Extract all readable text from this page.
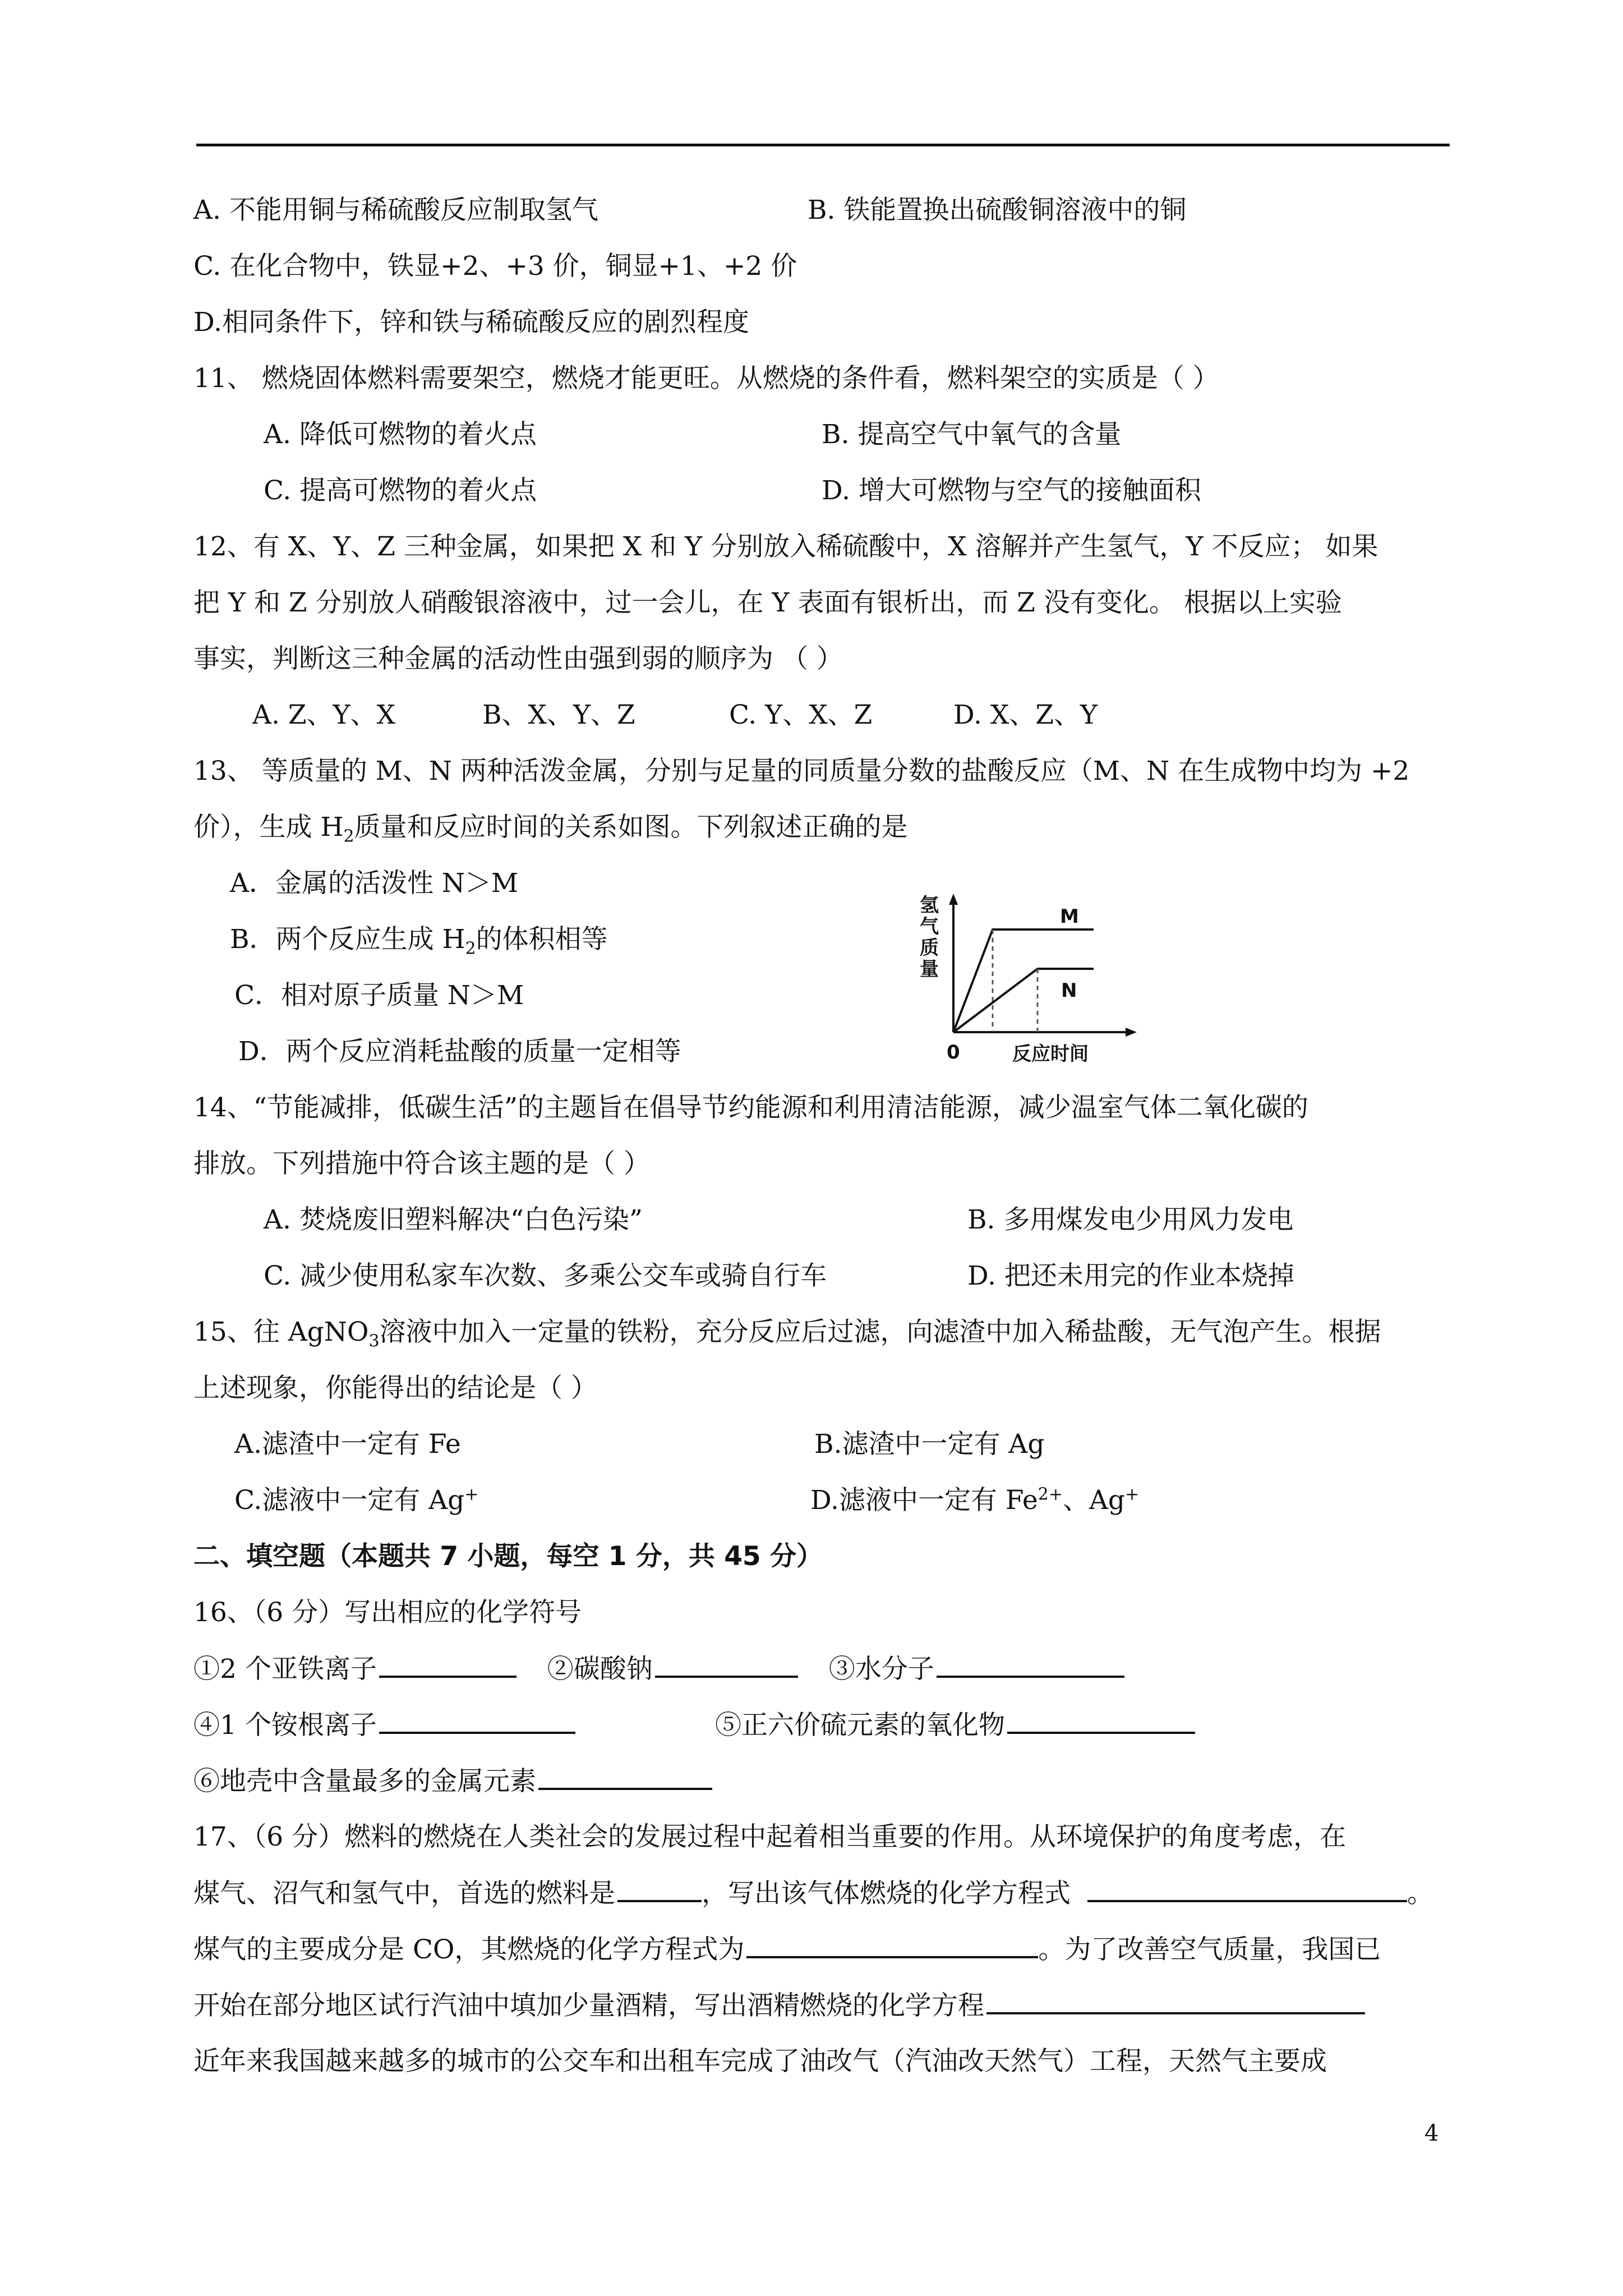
A. 不能用铜与稀硫酸反应制取氢气	B. 铁能置换出硫酸铜溶液中的铜
C. 在化合物中，铁显+2、+3 价，铜显+1、+2 价
D.相同条件下，锌和铁与稀硫酸反应的剧烈程度
11、 燃烧固体燃料需要架空，燃烧才能更旺。从燃烧的条件看，燃料架空的实质是（ ）
A. 降低可燃物的着火点	B. 提高空气中氧气的含量
C. 提高可燃物的着火点	D. 增大可燃物与空气的接触面积
12、有 X、Y、Z 三种金属，如果把 X 和 Y 分别放入稀硫酸中，X 溶解并产生氢气，Y 不反应； 如果
把 Y 和 Z 分别放人硝酸银溶液中，过一会儿，在 Y 表面有银析出，而 Z 没有变化。 根据以上实验
事实，判断这三种金属的活动性由强到弱的顺序为 （ ）
A. Z、Y、X	B、X、Y、Z	C. Y、X、Z	D. X、Z、Y
13、 等质量的 M、N 两种活泼金属，分别与足量的同质量分数的盐酸反应（M、N 在生成物中均为 +2
价），生成 $H_2$质量和反应时间的关系如图。下列叙述正确的是
A．金属的活泼性 N＞M
B．两个反应生成 $H_2$的体积相等
C．相对原子质量 N＞M
D．两个反应消耗盐酸的质量一定相等
氢
气
质
量
M
N
0	反应时间
14、“节能减排，低碳生活”的主题旨在倡导节约能源和利用清洁能源，减少温室气体二氧化碳的
排放。下列措施中符合该主题的是（ ）
A. 焚烧废旧塑料解决“白色污染”	B. 多用煤发电少用风力发电
C. 减少使用私家车次数、多乘公交车或骑自行车	D. 把还未用完的作业本烧掉
15、往 AgNO$_3$溶液中加入一定量的铁粉，充分反应后过滤，向滤渣中加入稀盐酸，无气泡产生。根据
上述现象，你能得出的结论是（ ）
A.滤渣中一定有 Fe	B.滤渣中一定有 Ag
C.滤液中一定有 Ag+	D.滤液中一定有 $Fe^{2+}$、Ag+
二、填空题（本题共 7 小题，每空 1 分，共 45 分）
16、（6 分）写出相应的化学符号
①2 个亚铁离子	②碳酸钠	③水分子
④1 个铵根离子	⑤正六价硫元素的氧化物
⑥地壳中含量最多的金属元素
17、（6 分）燃料的燃烧在人类社会的发展过程中起着相当重要的作用。从环境保护的角度考虑，在
煤气、沼气和氢气中，首选的燃料是	，写出该气体燃烧的化学方程式	。
煤气的主要成分是 CO，其燃烧的化学方程式为	。为了改善空气质量，我国已
开始在部分地区试行汽油中填加少量酒精，写出酒精燃烧的化学方程
近年来我国越来越多的城市的公交车和出租车完成了油改气（汽油改天然气）工程，天然气主要成
4
